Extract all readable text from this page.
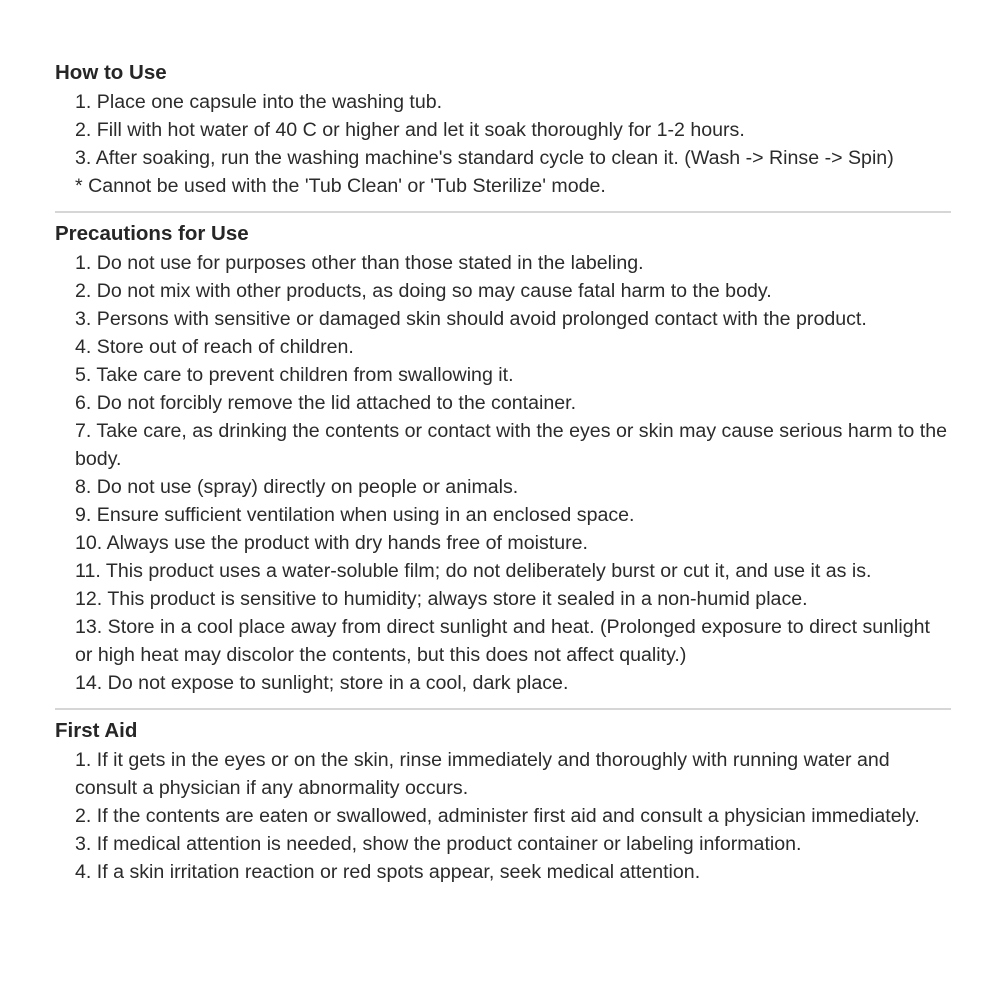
How to Use
1. Place one capsule into the washing tub.
2. Fill with hot water of 40 C or higher and let it soak thoroughly for 1-2 hours.
3. After soaking, run the washing machine's standard cycle to clean it. (Wash -> Rinse -> Spin)
* Cannot be used with the 'Tub Clean' or 'Tub Sterilize' mode.
Precautions for Use
1. Do not use for purposes other than those stated in the labeling.
2. Do not mix with other products, as doing so may cause fatal harm to the body.
3. Persons with sensitive or damaged skin should avoid prolonged contact with the product.
4. Store out of reach of children.
5. Take care to prevent children from swallowing it.
6. Do not forcibly remove the lid attached to the container.
7. Take care, as drinking the contents or contact with the eyes or skin may cause serious harm to the body.
8. Do not use (spray) directly on people or animals.
9. Ensure sufficient ventilation when using in an enclosed space.
10. Always use the product with dry hands free of moisture.
11. This product uses a water-soluble film; do not deliberately burst or cut it, and use it as is.
12. This product is sensitive to humidity; always store it sealed in a non-humid place.
13. Store in a cool place away from direct sunlight and heat. (Prolonged exposure to direct sunlight or high heat may discolor the contents, but this does not affect quality.)
14. Do not expose to sunlight; store in a cool, dark place.
First Aid
1. If it gets in the eyes or on the skin, rinse immediately and thoroughly with running water and consult a physician if any abnormality occurs.
2. If the contents are eaten or swallowed, administer first aid and consult a physician immediately.
3. If medical attention is needed, show the product container or labeling information.
4. If a skin irritation reaction or red spots appear, seek medical attention.
